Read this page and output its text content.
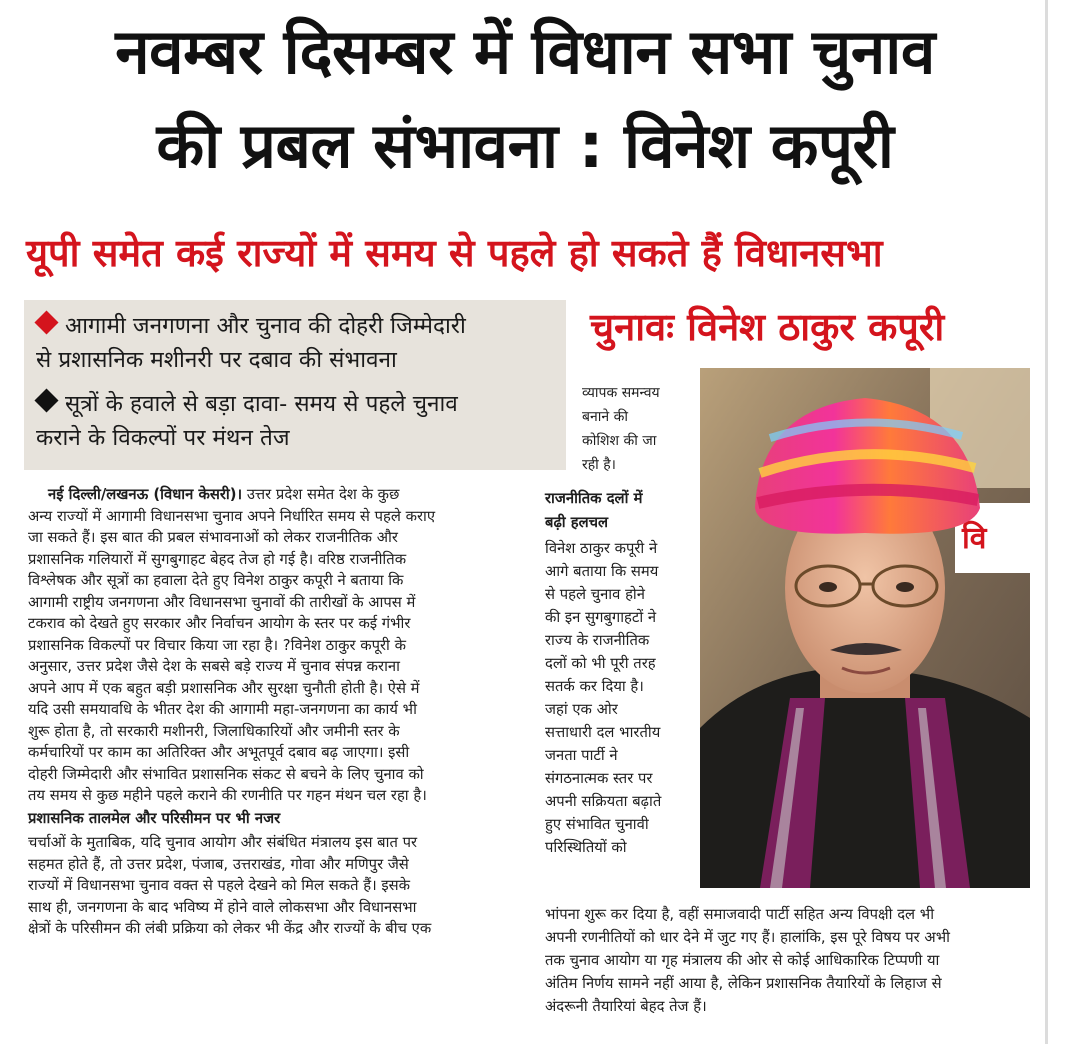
नवम्बर दिसम्बर में विधान सभा चुनाव
की प्रबल संभावना : विनेश कपूरी
यूपी समेत कई राज्यों में समय से पहले हो सकते हैं विधानसभा
आगामी जनगणना और चुनाव की दोहरी जिम्मेदारी
से प्रशासनिक मशीनरी पर दबाव की संभावना
सूत्रों के हवाले से बड़ा दावा- समय से पहले चुनाव
कराने के विकल्पों पर मंथन तेज
चुनावः विनेश ठाकुर कपूरी
नई दिल्ली/लखनऊ (विधान केसरी)। उत्तर प्रदेश समेत देश के कुछ
अन्य राज्यों में आगामी विधानसभा चुनाव अपने निर्धारित समय से पहले कराए
जा सकते हैं। इस बात की प्रबल संभावनाओं को लेकर राजनीतिक और
प्रशासनिक गलियारों में सुगबुगाहट बेहद तेज हो गई है। वरिष्ठ राजनीतिक
विश्लेषक और सूत्रों का हवाला देते हुए विनेश ठाकुर कपूरी ने बताया कि
आगामी राष्ट्रीय जनगणना और विधानसभा चुनावों की तारीखों के आपस में
टकराव को देखते हुए सरकार और निर्वाचन आयोग के स्तर पर कई गंभीर
प्रशासनिक विकल्पों पर विचार किया जा रहा है। ?विनेश ठाकुर कपूरी के
अनुसार, उत्तर प्रदेश जैसे देश के सबसे बड़े राज्य में चुनाव संपन्न कराना
अपने आप में एक बहुत बड़ी प्रशासनिक और सुरक्षा चुनौती होती है। ऐसे में
यदि उसी समयावधि के भीतर देश की आगामी महा-जनगणना का कार्य भी
शुरू होता है, तो सरकारी मशीनरी, जिलाधिकारियों और जमीनी स्तर के
कर्मचारियों पर काम का अतिरिक्त और अभूतपूर्व दबाव बढ़ जाएगा। इसी
दोहरी जिम्मेदारी और संभावित प्रशासनिक संकट से बचने के लिए चुनाव को
तय समय से कुछ महीने पहले कराने की रणनीति पर गहन मंथन चल रहा है।
प्रशासनिक तालमेल और परिसीमन पर भी नजर
चर्चाओं के मुताबिक, यदि चुनाव आयोग और संबंधित मंत्रालय इस बात पर
सहमत होते हैं, तो उत्तर प्रदेश, पंजाब, उत्तराखंड, गोवा और मणिपुर जैसे
राज्यों में विधानसभा चुनाव वक्त से पहले देखने को मिल सकते हैं। इसके
साथ ही, जनगणना के बाद भविष्य में होने वाले लोकसभा और विधानसभा
क्षेत्रों के परिसीमन की लंबी प्रक्रिया को लेकर भी केंद्र और राज्यों के बीच एक
व्यापक समन्वय
बनाने की
कोशिश की जा
रही है।
राजनीतिक दलों में
बढ़ी हलचल
विनेश ठाकुर कपूरी ने
आगे बताया कि समय
से पहले चुनाव होने
की इन सुगबुगाहटों ने
राज्य के राजनीतिक
दलों को भी पूरी तरह
सतर्क कर दिया है।
जहां एक ओर
सत्ताधारी दल भारतीय
जनता पार्टी ने
संगठनात्मक स्तर पर
अपनी सक्रियता बढ़ाते
हुए संभावित चुनावी
परिस्थितियों को
भांपना शुरू कर दिया है, वहीं समाजवादी पार्टी सहित अन्य विपक्षी दल भी
अपनी रणनीतियों को धार देने में जुट गए हैं। हालांकि, इस पूरे विषय पर अभी
तक चुनाव आयोग या गृह मंत्रालय की ओर से कोई आधिकारिक टिप्पणी या
अंतिम निर्णय सामने नहीं आया है, लेकिन प्रशासनिक तैयारियों के लिहाज से
अंदरूनी तैयारियां बेहद तेज हैं।
वि
